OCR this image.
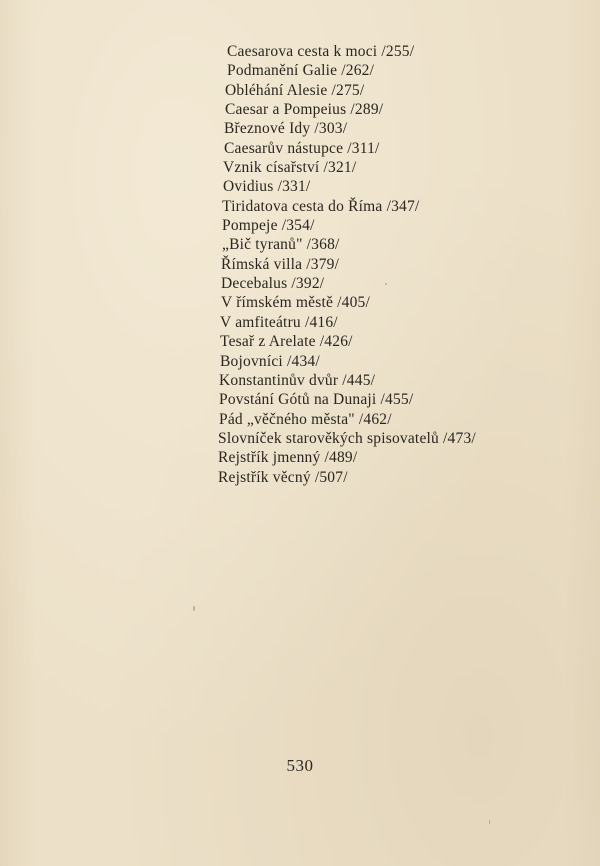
Caesarova cesta k moci /255/
Podmanění Galie /262/
Obléhání Alesie /275/
Caesar a Pompeius /289/
Březnové Idy /303/
Caesarův nástupce /311/
Vznik císařství /321/
Ovidius /331/
Tiridatova cesta do Říma /347/
Pompeje /354/
„Bič tyranů" /368/
Římská villa /379/
Decebalus /392/
V římském městě /405/
V amfiteátru /416/
Tesař z Arelate /426/
Bojovníci /434/
Konstantinův dvůr /445/
Povstání Gótů na Dunaji /455/
Pád „věčného města" /462/
Slovníček starověkých spisovatelů /473/
Rejstřík jmenný /489/
Rejstřík věcný /507/
530
